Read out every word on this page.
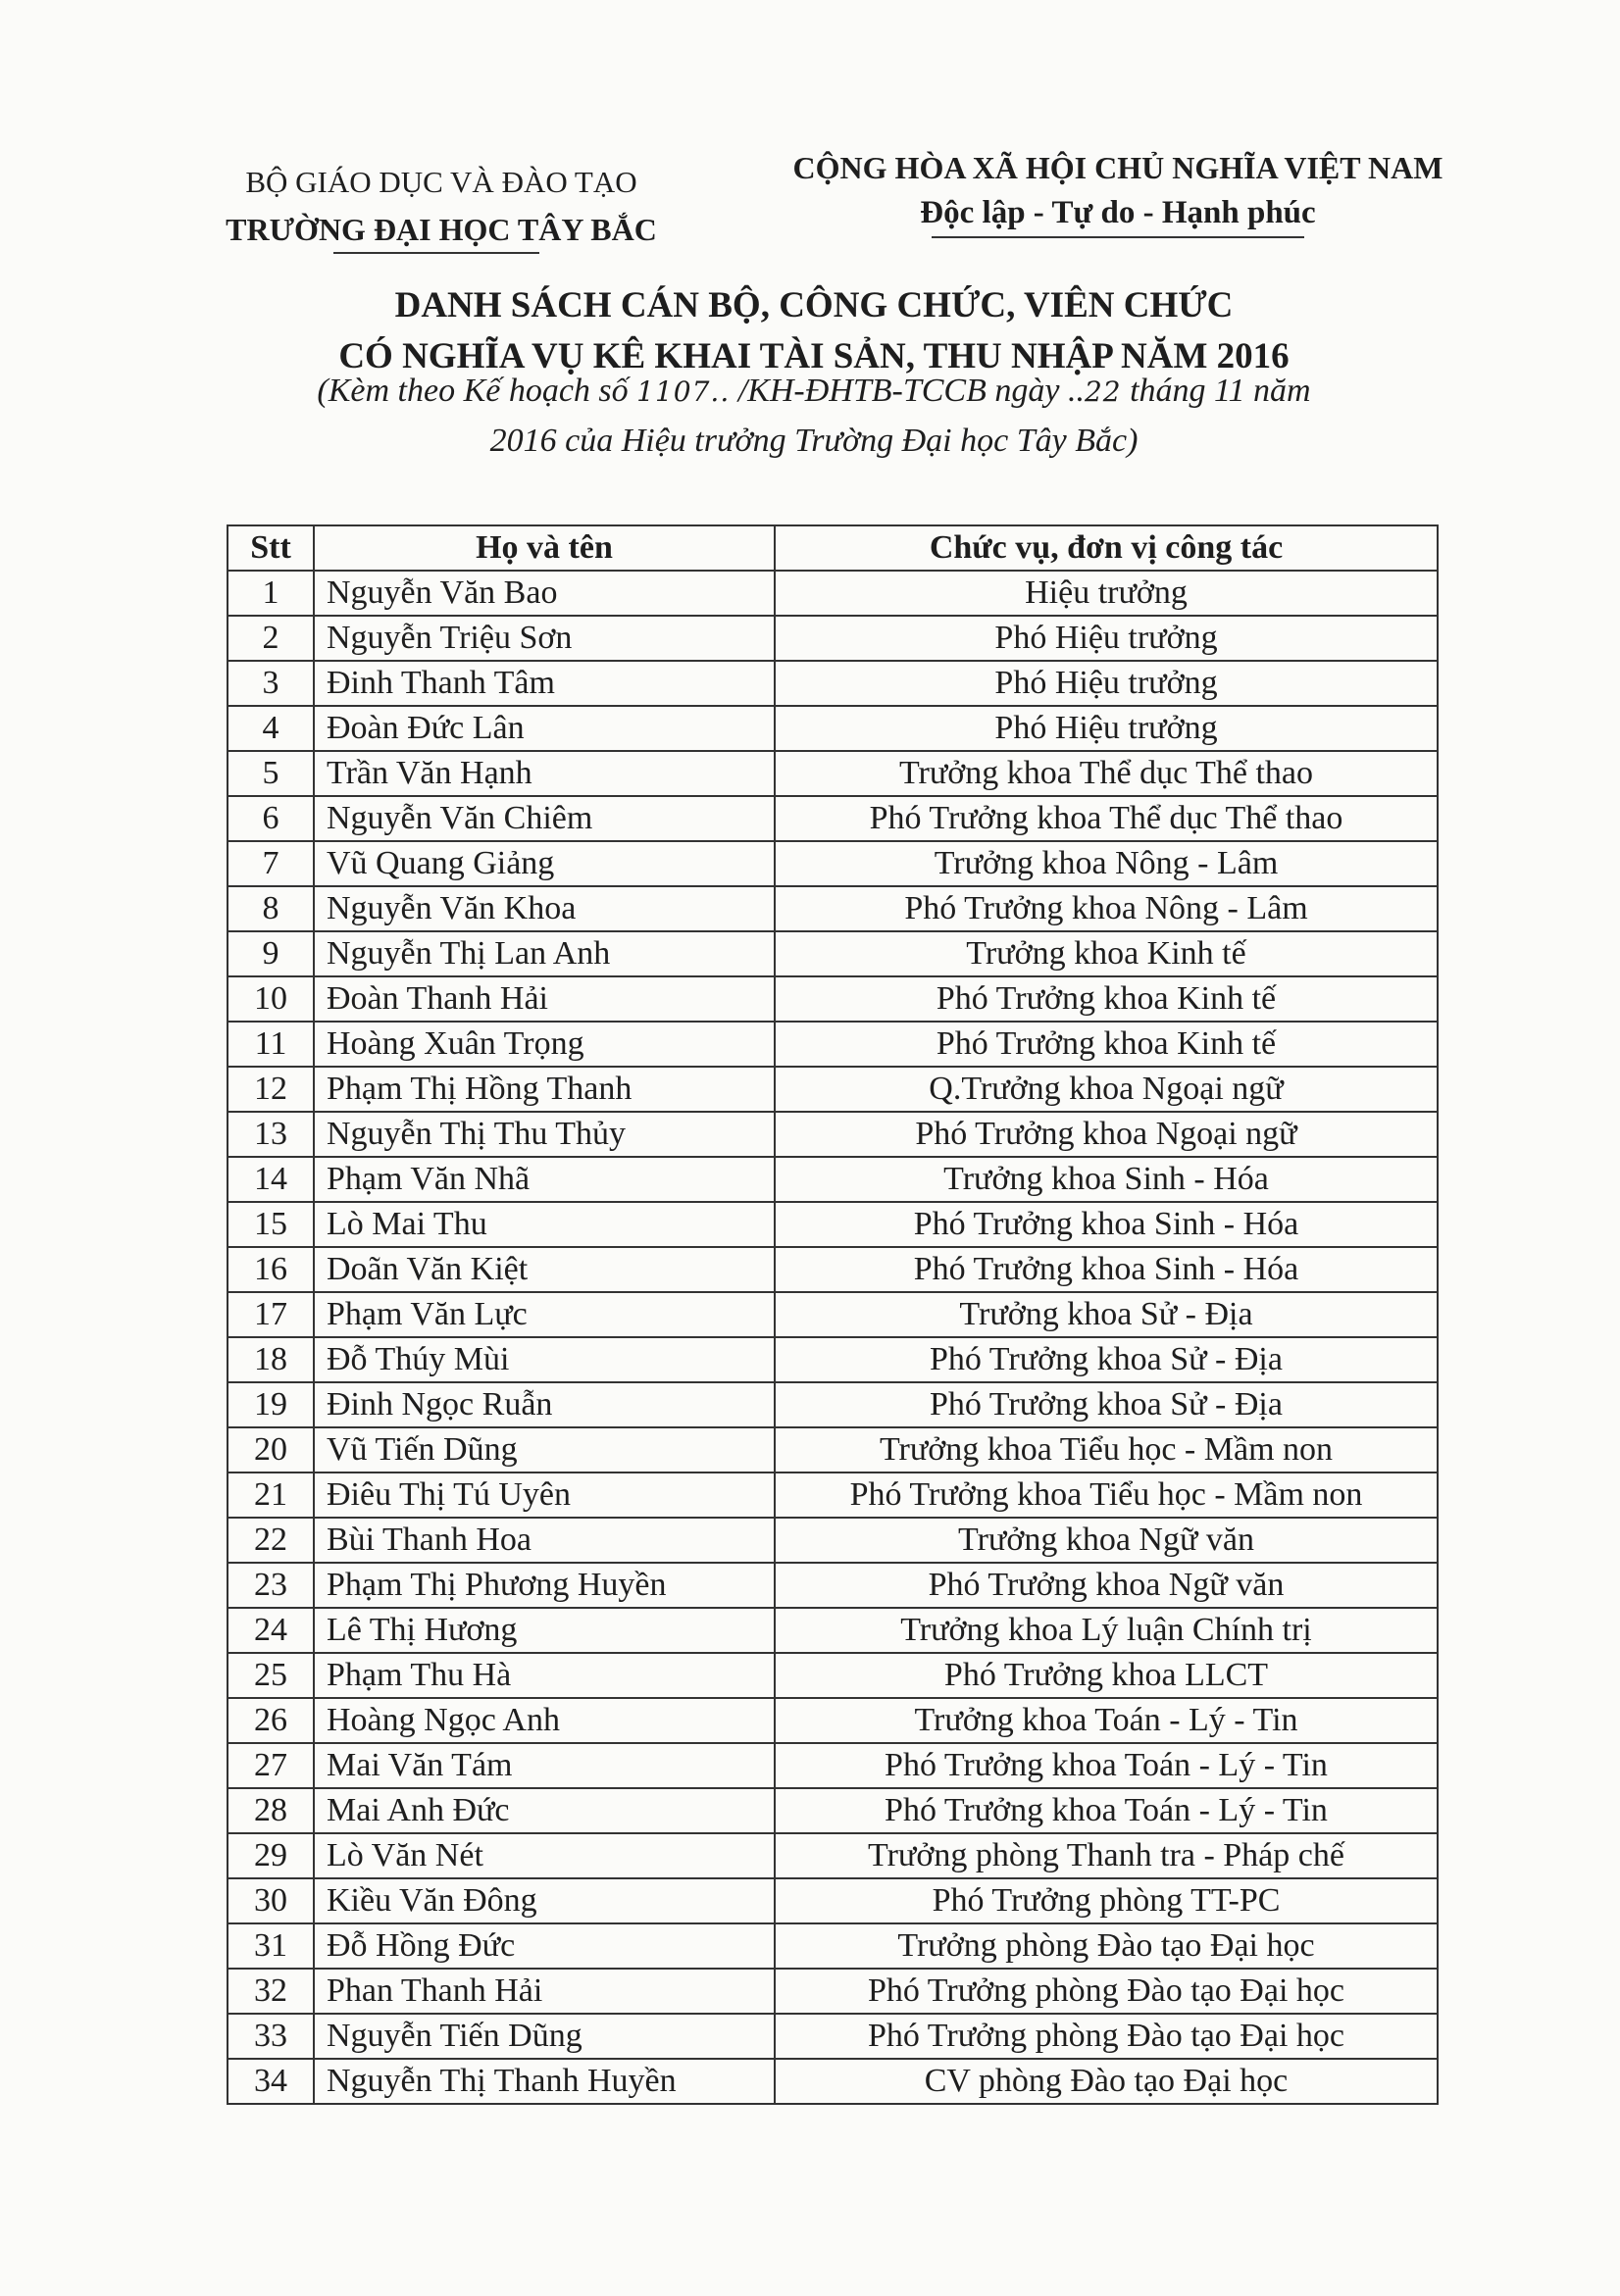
BỘ GIÁO DỤC VÀ ĐÀO TẠO
TRƯỜNG ĐẠI HỌC TÂY BẮC
CỘNG HÒA XÃ HỘI CHỦ NGHĨA VIỆT NAM
Độc lập - Tự do - Hạnh phúc
DANH SÁCH CÁN BỘ, CÔNG CHỨC, VIÊN CHỨC
CÓ NGHĨA VỤ KÊ KHAI TÀI SẢN, THU NHẬP NĂM 2016
(Kèm theo Kế hoạch số 1107.. /KH-ĐHTB-TCCB ngày ..22 tháng 11 năm
2016 của Hiệu trưởng Trường Đại học Tây Bắc)
Stt	Họ và tên	Chức vụ, đơn vị công tác
1	Nguyễn Văn Bao	Hiệu trưởng
2	Nguyễn Triệu Sơn	Phó Hiệu trưởng
3	Đinh Thanh Tâm	Phó Hiệu trưởng
4	Đoàn Đức Lân	Phó Hiệu trưởng
5	Trần Văn Hạnh	Trưởng khoa Thể dục Thể thao
6	Nguyễn Văn Chiêm	Phó Trưởng khoa Thể dục Thể thao
7	Vũ Quang Giảng	Trưởng khoa Nông - Lâm
8	Nguyễn Văn Khoa	Phó Trưởng khoa Nông - Lâm
9	Nguyễn Thị Lan Anh	Trưởng khoa Kinh tế
10	Đoàn Thanh Hải	Phó Trưởng khoa Kinh tế
11	Hoàng Xuân Trọng	Phó Trưởng khoa Kinh tế
12	Phạm Thị Hồng Thanh	Q.Trưởng khoa Ngoại ngữ
13	Nguyễn Thị Thu Thủy	Phó Trưởng khoa Ngoại ngữ
14	Phạm Văn Nhã	Trưởng khoa Sinh - Hóa
15	Lò Mai Thu	Phó Trưởng khoa Sinh - Hóa
16	Doãn Văn Kiệt	Phó Trưởng khoa Sinh - Hóa
17	Phạm Văn Lực	Trưởng khoa Sử - Địa
18	Đỗ Thúy Mùi	Phó Trưởng khoa Sử - Địa
19	Đinh Ngọc Ruẫn	Phó Trưởng khoa Sử - Địa
20	Vũ Tiến Dũng	Trưởng khoa Tiểu học - Mầm non
21	Điêu Thị Tú Uyên	Phó Trưởng khoa Tiểu học - Mầm non
22	Bùi Thanh Hoa	Trưởng khoa Ngữ văn
23	Phạm Thị Phương Huyền	Phó Trưởng khoa Ngữ văn
24	Lê Thị Hương	Trưởng khoa Lý luận Chính trị
25	Phạm Thu Hà	Phó Trưởng khoa LLCT
26	Hoàng Ngọc Anh	Trưởng khoa Toán - Lý - Tin
27	Mai Văn Tám	Phó Trưởng khoa Toán - Lý - Tin
28	Mai Anh Đức	Phó Trưởng khoa Toán - Lý - Tin
29	Lò Văn Nét	Trưởng phòng Thanh tra - Pháp chế
30	Kiều Văn Đông	Phó Trưởng phòng TT-PC
31	Đỗ Hồng Đức	Trưởng phòng Đào tạo Đại học
32	Phan Thanh Hải	Phó Trưởng phòng Đào tạo Đại học
33	Nguyễn Tiến Dũng	Phó Trưởng phòng Đào tạo Đại học
34	Nguyễn Thị Thanh Huyền	CV phòng Đào tạo Đại học
